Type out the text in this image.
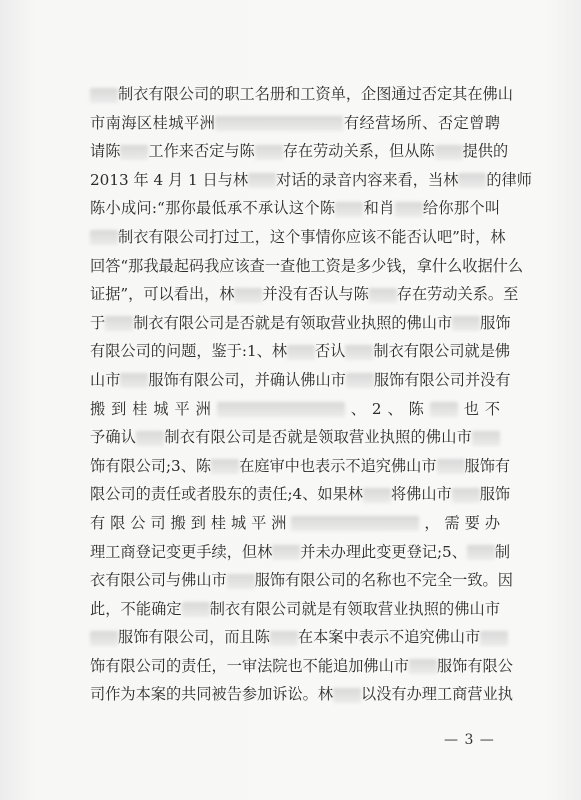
制衣有限公司的职工名册和工资单，企图通过否定其在佛山
市南海区桂城平洲	有经营场所、否定曾聘
请陈 工作来否定与陈 存在劳动关系，但从陈 提供的
2013 年 4 月 1 日与林 对话的录音内容来看，当林 的律师
陈小成问:“那你最低承不承认这个陈 和肖 给你那个叫
制衣有限公司打过工，这个事情你应该不能否认吧”时，林
回答“那我最起码我应该查一查他工资是多少钱，拿什么收据什么
证据”，可以看出，林 并没有否认与陈 存在劳动关系。至
于 制衣有限公司是否就是有领取营业执照的佛山市 服饰
有限公司的问题，鉴于:1、林 否认 制衣有限公司就是佛
山市 服饰有限公司，并确认佛山市 服饰有限公司并没有
搬到桂城平洲	、2、陈 也不
予确认 制衣有限公司是否就是领取营业执照的佛山市
饰有限公司;3、陈 在庭审中也表示不追究佛山市 服饰有
限公司的责任或者股东的责任;4、如果林 将佛山市 服饰
有限公司搬到桂城平洲	，需要办
理工商登记变更手续，但林 并未办理此变更登记;5、 制
衣有限公司与佛山市 服饰有限公司的名称也不完全一致。因
此，不能确定 制衣有限公司就是有领取营业执照的佛山市
服饰有限公司，而且陈 在本案中表示不追究佛山市
饰有限公司的责任，一审法院也不能追加佛山市 服饰有限公
司作为本案的共同被告参加诉讼。林 以没有办理工商营业执
— 3 —
